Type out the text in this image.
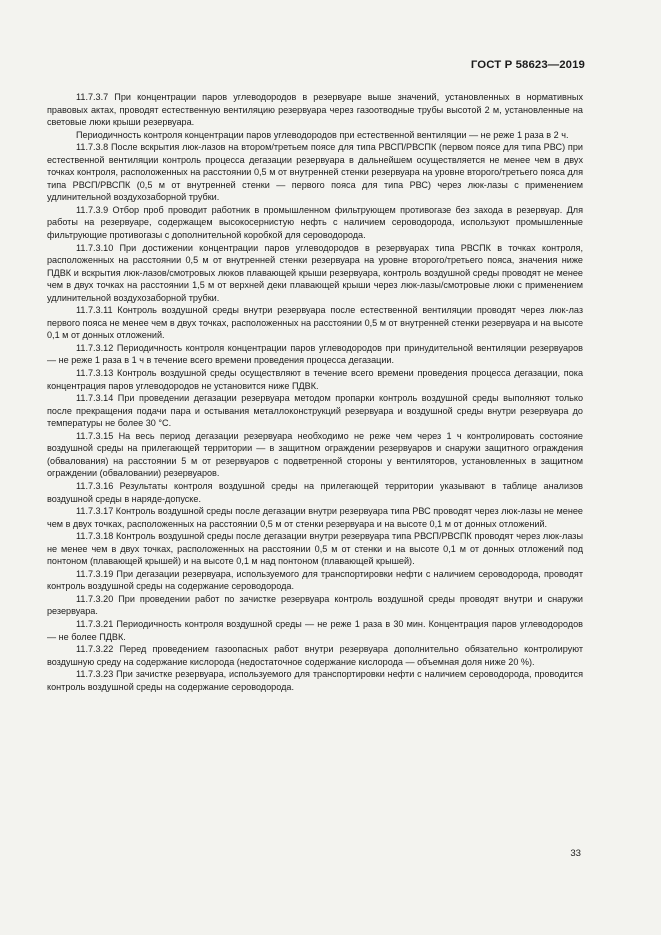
ГОСТ Р 58623—2019

11.7.3.7 При концентрации паров углеводородов в резервуаре выше значений, установленных в нормативных правовых актах, проводят естественную вентиляцию резервуара через газоотводные трубы высотой 2 м, установленные на световые люки крыши резервуара.

Периодичность контроля концентрации паров углеводородов при естественной вентиляции — не реже 1 раза в 2 ч.

11.7.3.8 После вскрытия люк-лазов на втором/третьем поясе для типа РВСП/РВСПК (первом поясе для типа РВС) при естественной вентиляции контроль процесса дегазации резервуара в дальнейшем осуществляется не менее чем в двух точках контроля, расположенных на расстоянии 0,5 м от внутренней стенки резервуара на уровне второго/третьего пояса для типа РВСП/РВСПК (0,5 м от внутренней стенки — первого пояса для типа РВС) через люк-лазы с применением удлинительной воздухозаборной трубки.

11.7.3.9 Отбор проб проводит работник в промышленном фильтрующем противогазе без захода в резервуар. Для работы на резервуаре, содержащем высокосернистую нефть с наличием сероводорода, используют промышленные фильтрующие противогазы с дополнительной коробкой для сероводорода.

11.7.3.10 При достижении концентрации паров углеводородов в резервуарах типа РВСПК в точках контроля, расположенных на расстоянии 0,5 м от внутренней стенки резервуара на уровне второго/третьего пояса, значения ниже ПДВК и вскрытия люк-лазов/смотровых люков плавающей крыши резервуара, контроль воздушной среды проводят не менее чем в двух точках на расстоянии 1,5 м от верхней деки плавающей крыши через люк-лазы/смотровые люки с применением удлинительной воздухозаборной трубки.

11.7.3.11 Контроль воздушной среды внутри резервуара после естественной вентиляции проводят через люк-лаз первого пояса не менее чем в двух точках, расположенных на расстоянии 0,5 м от внутренней стенки резервуара и на высоте 0,1 м от донных отложений.

11.7.3.12 Периодичность контроля концентрации паров углеводородов при принудительной вентиляции резервуаров — не реже 1 раза в 1 ч в течение всего времени проведения процесса дегазации.

11.7.3.13 Контроль воздушной среды осуществляют в течение всего времени проведения процесса дегазации, пока концентрация паров углеводородов не установится ниже ПДВК.

11.7.3.14 При проведении дегазации резервуара методом пропарки контроль воздушной среды выполняют только после прекращения подачи пара и остывания металлоконструкций резервуара и воздушной среды внутри резервуара до температуры не более 30 °С.

11.7.3.15 На весь период дегазации резервуара необходимо не реже чем через 1 ч контролировать состояние воздушной среды на прилегающей территории — в защитном ограждении резервуаров и снаружи защитного ограждения (обвалования) на расстоянии 5 м от резервуаров с подветренной стороны у вентиляторов, установленных в защитном ограждении (обваловании) резервуаров.

11.7.3.16 Результаты контроля воздушной среды на прилегающей территории указывают в таблице анализов воздушной среды в наряде-допуске.

11.7.3.17 Контроль воздушной среды после дегазации внутри резервуара типа РВС проводят через люк-лазы не менее чем в двух точках, расположенных на расстоянии 0,5 м от стенки резервуара и на высоте 0,1 м от донных отложений.

11.7.3.18 Контроль воздушной среды после дегазации внутри резервуара типа РВСП/РВСПК проводят через люк-лазы не менее чем в двух точках, расположенных на расстоянии 0,5 м от стенки и на высоте 0,1 м от донных отложений под понтоном (плавающей крышей) и на высоте 0,1 м над понтоном (плавающей крышей).

11.7.3.19 При дегазации резервуара, используемого для транспортировки нефти с наличием сероводорода, проводят контроль воздушной среды на содержание сероводорода.

11.7.3.20 При проведении работ по зачистке резервуара контроль воздушной среды проводят внутри и снаружи резервуара.

11.7.3.21 Периодичность контроля воздушной среды — не реже 1 раза в 30 мин. Концентрация паров углеводородов — не более ПДВК.

11.7.3.22 Перед проведением газоопасных работ внутри резервуара дополнительно обязательно контролируют воздушную среду на содержание кислорода (недостаточное содержание кислорода — объемная доля ниже 20 %).

11.7.3.23 При зачистке резервуара, используемого для транспортировки нефти с наличием сероводорода, проводится контроль воздушной среды на содержание сероводорода.

33
